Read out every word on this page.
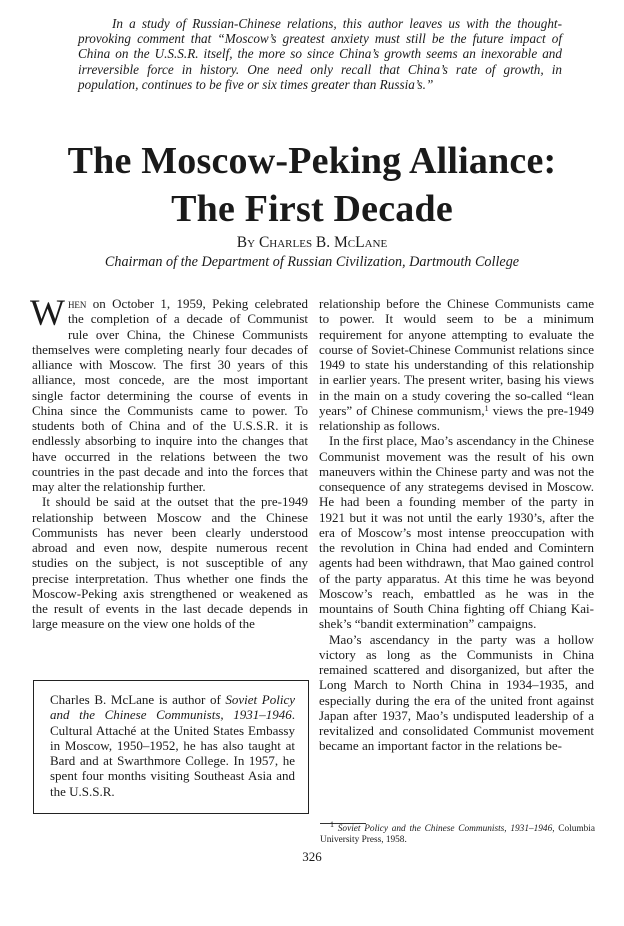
In a study of Russian-Chinese relations, this author leaves us with the thought-provoking comment that “Moscow’s greatest anxiety must still be the future impact of China on the U.S.S.R. itself, the more so since China’s growth seems an inexorable and irreversible force in history. One need only recall that China’s rate of growth, in population, continues to be five or six times greater than Russia’s.”

The Moscow-Peking Alliance:
The First Decade

By Charles B. McLane

Chairman of the Department of Russian Civilization, Dartmouth College

When on October 1, 1959, Peking celebrated the completion of a decade of Communist rule over China, the Chinese Communists themselves were completing nearly four decades of alliance with Moscow. The first 30 years of this alliance, most concede, are the most important single factor determining the course of events in China since the Communists came to power. To students both of China and of the U.S.S.R. it is endlessly absorbing to inquire into the changes that have occurred in the relations between the two countries in the past decade and into the forces that may alter the relationship further.

It should be said at the outset that the pre-1949 relationship between Moscow and the Chinese Communists has never been clearly understood abroad and even now, despite numerous recent studies on the subject, is not susceptible of any precise interpretation. Thus whether one finds the Moscow-Peking axis strengthened or weakened as the result of events in the last decade depends in large measure on the view one holds of the

Charles B. McLane is author of Soviet Policy and the Chinese Communists, 1931–1946. Cultural Attaché at the United States Embassy in Moscow, 1950–1952, he has also taught at Bard and at Swarthmore College. In 1957, he spent four months visiting Southeast Asia and the U.S.S.R.

relationship before the Chinese Communists came to power. It would seem to be a minimum requirement for anyone attempting to evaluate the course of Soviet-Chinese Communist relations since 1949 to state his understanding of this relationship in earlier years. The present writer, basing his views in the main on a study covering the so-called “lean years” of Chinese communism,$^1$ views the pre-1949 relationship as follows.

In the first place, Mao’s ascendancy in the Chinese Communist movement was the result of his own maneuvers within the Chinese party and was not the consequence of any strategems devised in Moscow. He had been a founding member of the party in 1921 but it was not until the early 1930’s, after the era of Moscow’s most intense preoccupation with the revolution in China had ended and Comintern agents had been withdrawn, that Mao gained control of the party apparatus. At this time he was beyond Moscow’s reach, embattled as he was in the mountains of South China fighting off Chiang Kai-shek’s “bandit extermination” campaigns.

Mao’s ascendancy in the party was a hollow victory as long as the Communists in China remained scattered and disorganized, but after the Long March to North China in 1934–1935, and especially during the era of the united front against Japan after 1937, Mao’s undisputed leadership of a revitalized and consolidated Communist movement became an important factor in the relations be-

$^1$ Soviet Policy and the Chinese Communists, 1931–1946, Columbia University Press, 1958.

326
